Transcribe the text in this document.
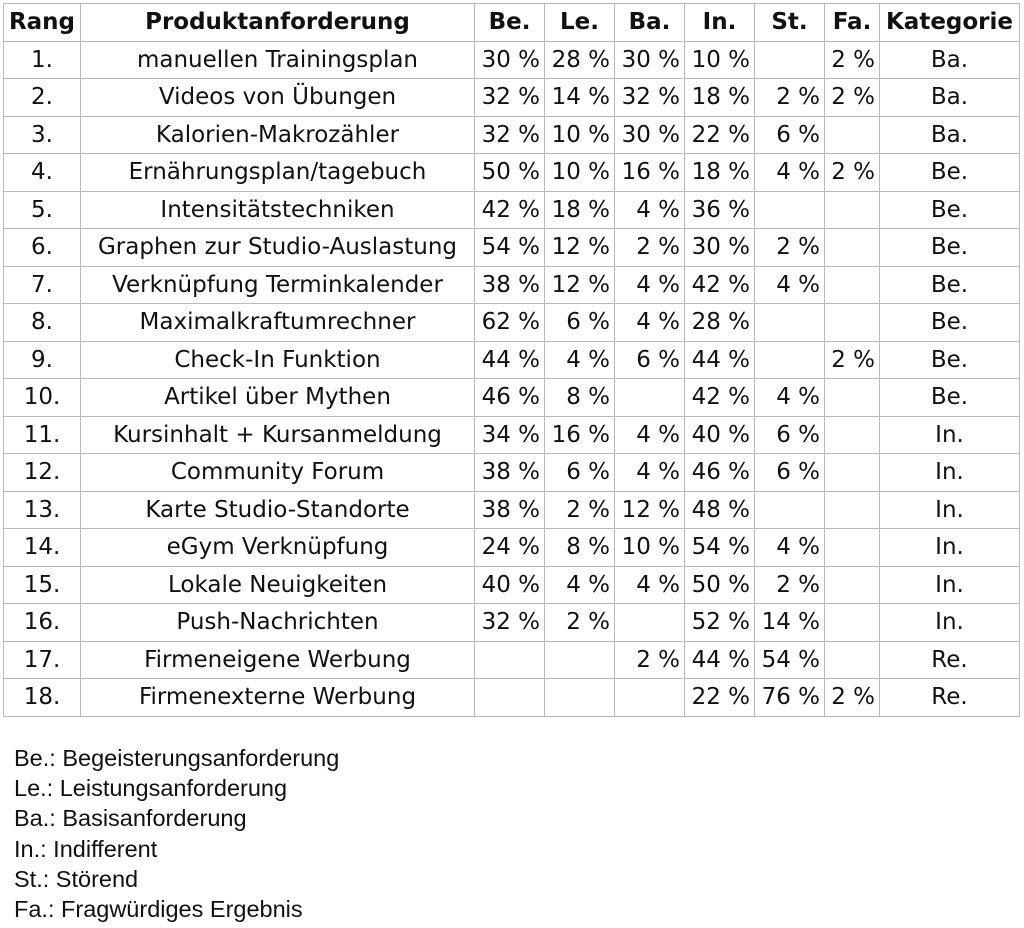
Rang	Produktanforderung	Be.	Le.	Ba.	In.	St.	Fa.	Kategorie
1.	manuellen Trainingsplan	30 %	28 %	30 %	10 %		2 %	Ba.
2.	Videos von Übungen	32 %	14 %	32 %	18 %	2 %	2 %	Ba.
3.	Kalorien-Makrozähler	32 %	10 %	30 %	22 %	6 %		Ba.
4.	Ernährungsplan/tagebuch	50 %	10 %	16 %	18 %	4 %	2 %	Be.
5.	Intensitätstechniken	42 %	18 %	4 %	36 %			Be.
6.	Graphen zur Studio-Auslastung	54 %	12 %	2 %	30 %	2 %		Be.
7.	Verknüpfung Terminkalender	38 %	12 %	4 %	42 %	4 %		Be.
8.	Maximalkraftumrechner	62 %	6 %	4 %	28 %			Be.
9.	Check-In Funktion	44 %	4 %	6 %	44 %		2 %	Be.
10.	Artikel über Mythen	46 %	8 %		42 %	4 %		Be.
11.	Kursinhalt + Kursanmeldung	34 %	16 %	4 %	40 %	6 %		In.
12.	Community Forum	38 %	6 %	4 %	46 %	6 %		In.
13.	Karte Studio-Standorte	38 %	2 %	12 %	48 %			In.
14.	eGym Verknüpfung	24 %	8 %	10 %	54 %	4 %		In.
15.	Lokale Neuigkeiten	40 %	4 %	4 %	50 %	2 %		In.
16.	Push-Nachrichten	32 %	2 %		52 %	14 %		In.
17.	Firmeneigene Werbung			2 %	44 %	54 %		Re.
18.	Firmenexterne Werbung				22 %	76 %	2 %	Re.
Be.: Begeisterungsanforderung
Le.: Leistungsanforderung
Ba.: Basisanforderung
In.: Indifferent
St.: Störend
Fa.: Fragwürdiges Ergebnis
